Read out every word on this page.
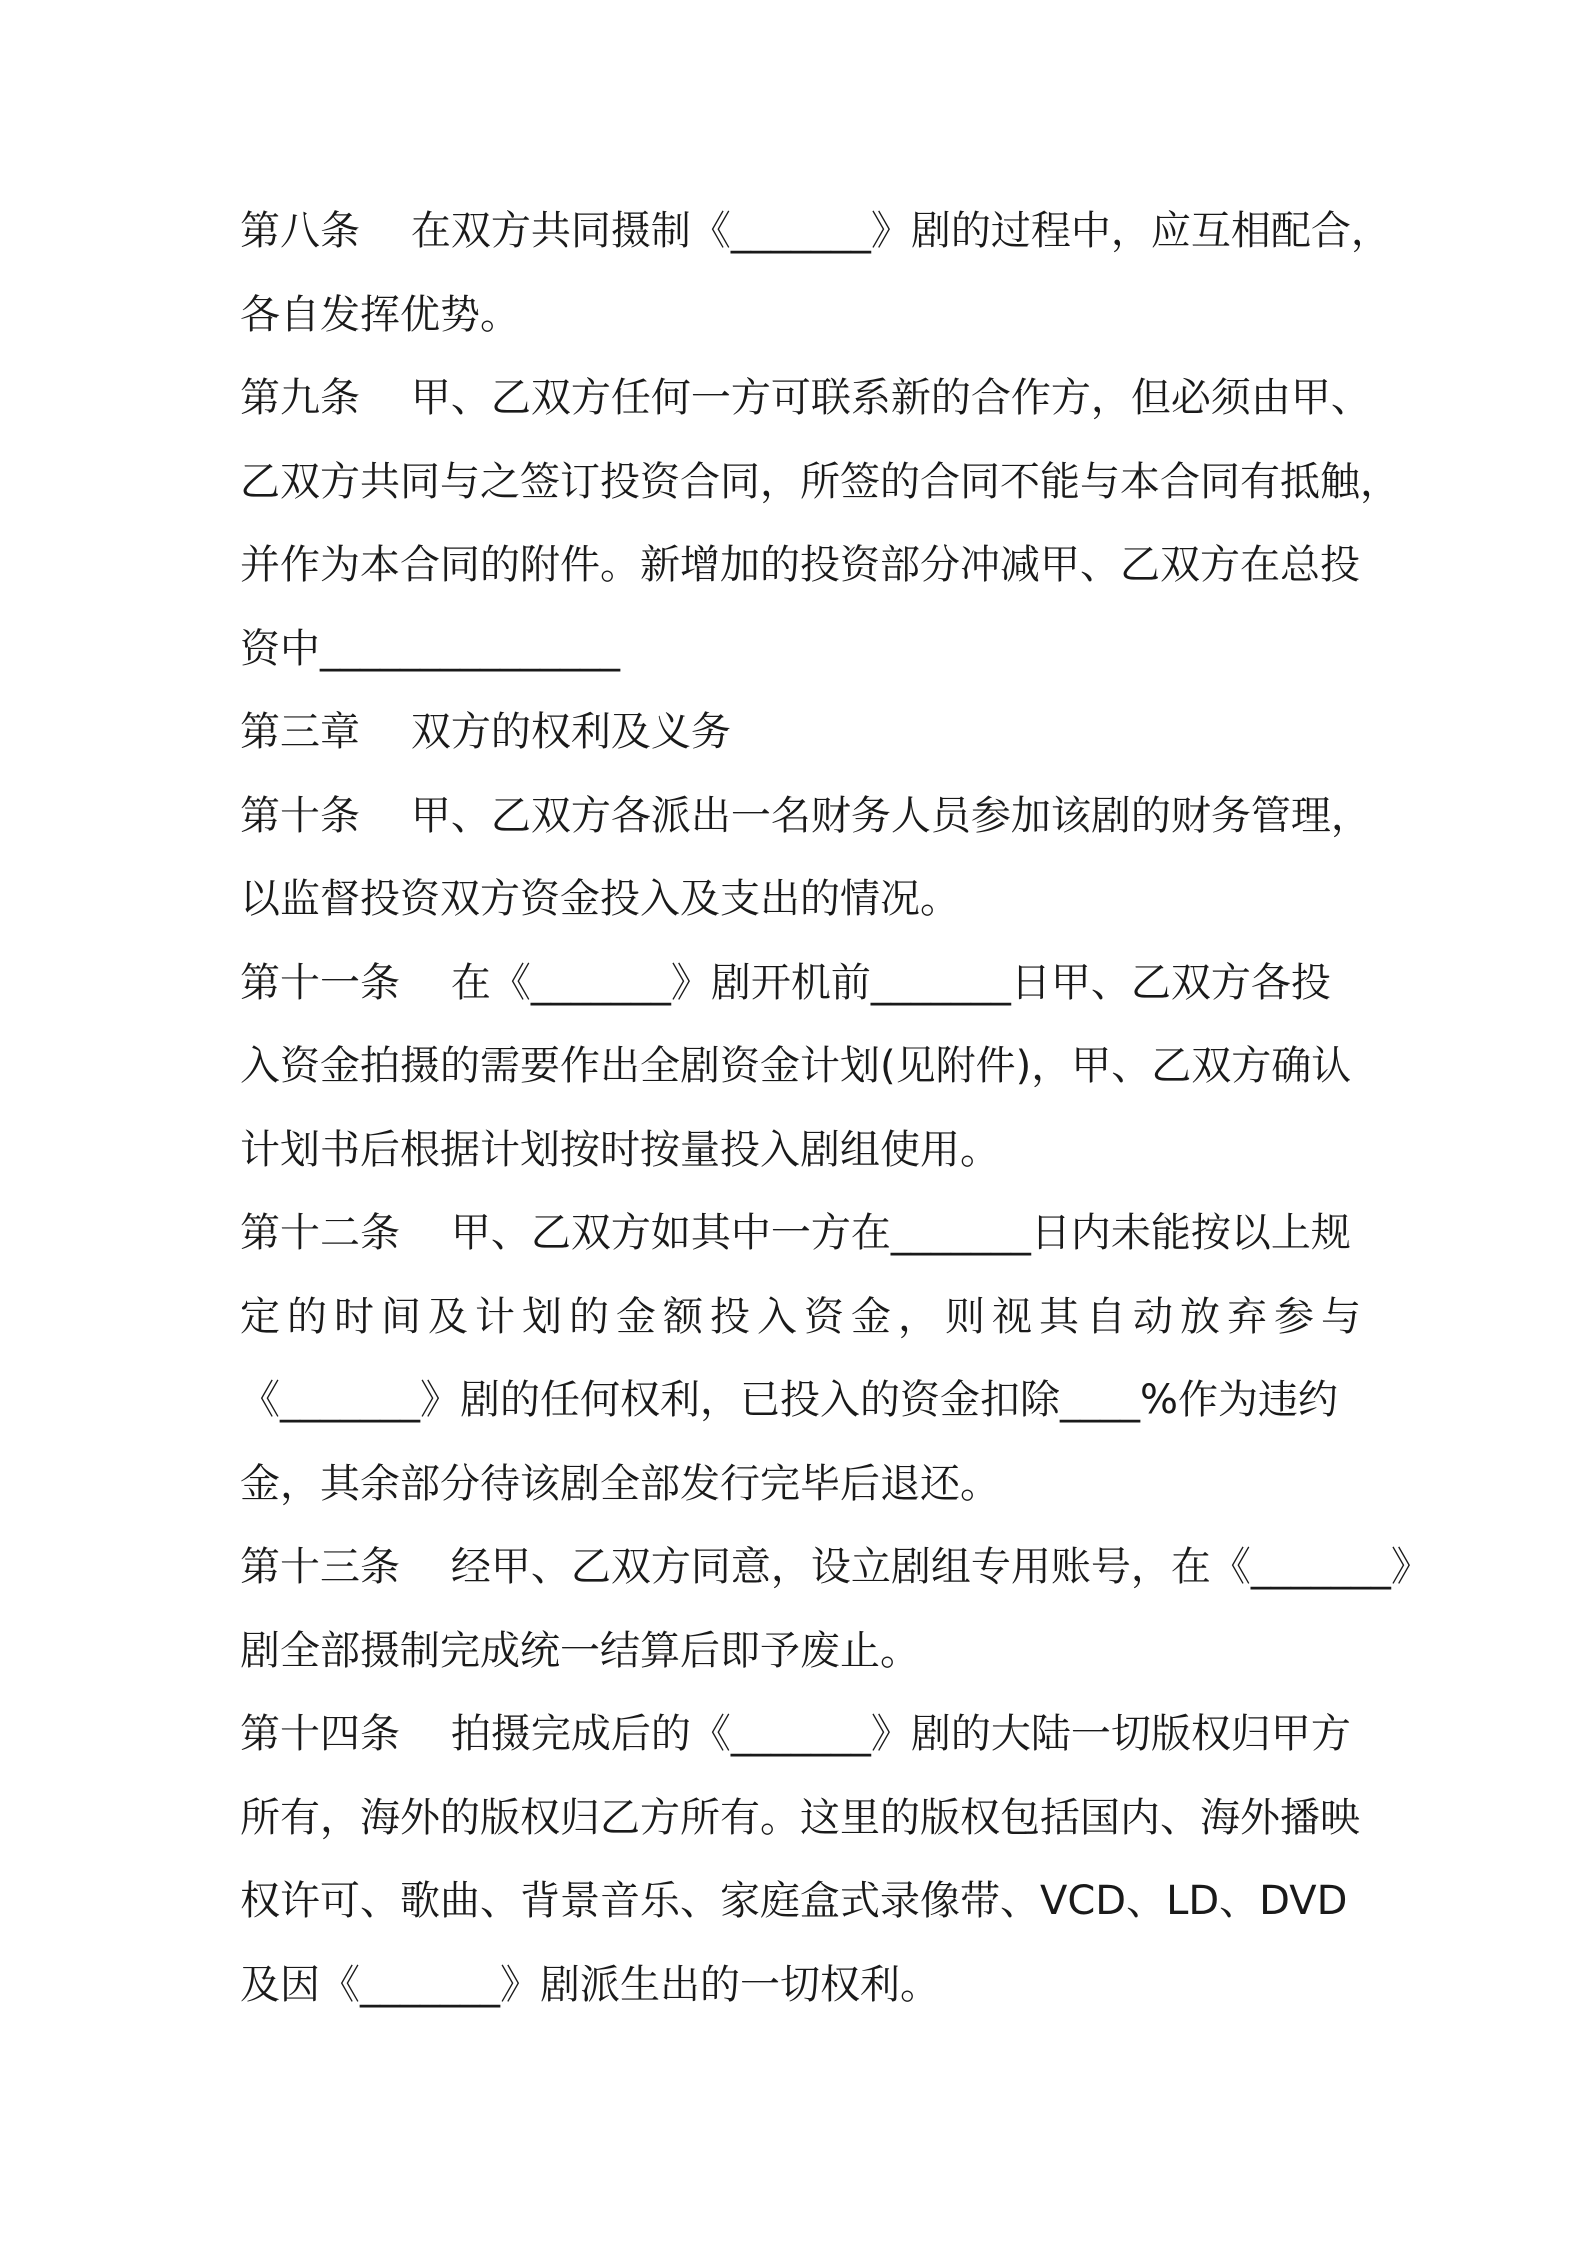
第八条    在双方共同摄制《_______》剧的过程中，应互相配合，
各自发挥优势。
第九条    甲、乙双方任何一方可联系新的合作方，但必须由甲、
乙双方共同与之签订投资合同，所签的合同不能与本合同有抵触，
并作为本合同的附件。新增加的投资部分冲减甲、乙双方在总投
资中_______________
第三章    双方的权利及义务
第十条    甲、乙双方各派出一名财务人员参加该剧的财务管理，
以监督投资双方资金投入及支出的情况。
第十一条    在《_______》剧开机前_______日甲、乙双方各投
入资金拍摄的需要作出全剧资金计划(见附件)，甲、乙双方确认
计划书后根据计划按时按量投入剧组使用。
第十二条    甲、乙双方如其中一方在_______日内未能按以上规
定的时间及计划的金额投入资金，则视其自动放弃参与
《_______》剧的任何权利，已投入的资金扣除____%作为违约
金，其余部分待该剧全部发行完毕后退还。
第十三条    经甲、乙双方同意，设立剧组专用账号，在《_______》
剧全部摄制完成统一结算后即予废止。
第十四条    拍摄完成后的《_______》剧的大陆一切版权归甲方
所有，海外的版权归乙方所有。这里的版权包括国内、海外播映
权许可、歌曲、背景音乐、家庭盒式录像带、VCD、LD、DVD
及因《_______》剧派生出的一切权利。
